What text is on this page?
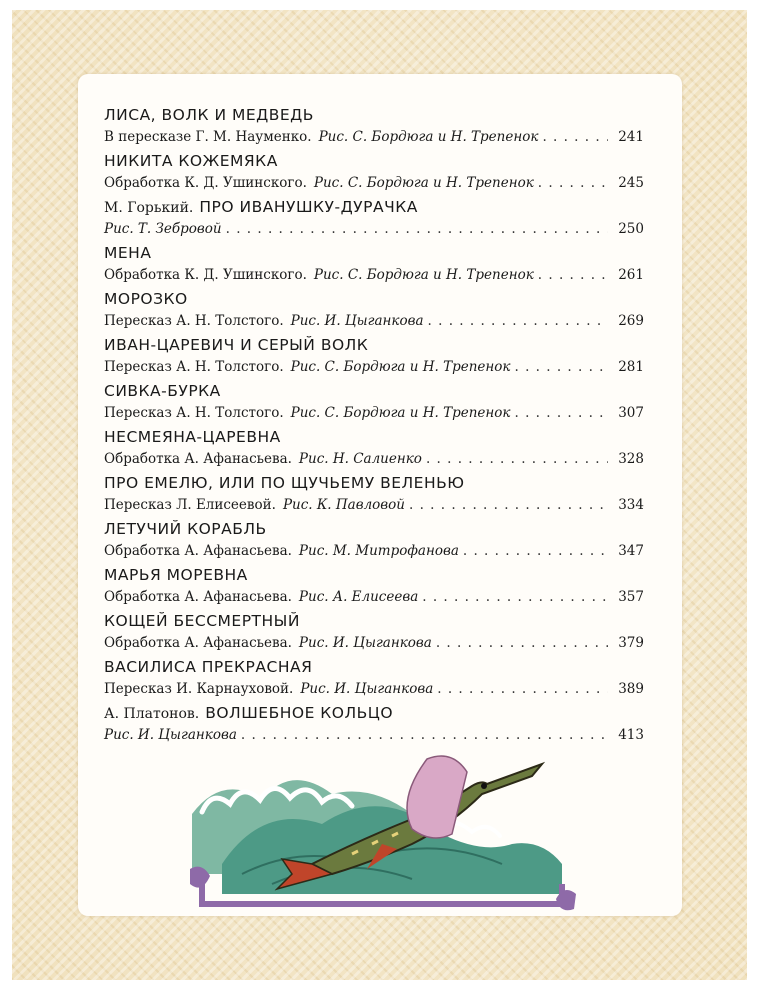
ЛИСА, ВОЛК И МЕДВЕДЬ
В пересказе Г. М. Науменко. Рис. С. Бордюга и Н. Трепенок . . .	241
НИКИТА КОЖЕМЯКА
Обработка К. Д. Ушинского. Рис. С. Бордюга и Н. Трепенок . . .	245
М. Горький. ПРО ИВАНУШКУ-ДУРАЧКА
Рис. Т. Зебровой . . .	250
МЕНА
Обработка К. Д. Ушинского. Рис. С. Бордюга и Н. Трепенок . . .	261
МОРОЗКО
Пересказ А. Н. Толстого. Рис. И. Цыганкова . . .	269
ИВАН-ЦАРЕВИЧ И СЕРЫЙ ВОЛК
Пересказ А. Н. Толстого. Рис. С. Бордюга и Н. Трепенок . . .	281
СИВКА-БУРКА
Пересказ А. Н. Толстого. Рис. С. Бордюга и Н. Трепенок . . .	307
НЕСМЕЯНА-ЦАРЕВНА
Обработка А. Афанасьева. Рис. Н. Салиенко . . .	328
ПРО ЕМЕЛЮ, ИЛИ ПО ЩУЧЬЕМУ ВЕЛЕНЬЮ
Пересказ Л. Елисеевой. Рис. К. Павловой . . .	334
ЛЕТУЧИЙ КОРАБЛЬ
Обработка А. Афанасьева. Рис. М. Митрофанова . . .	347
МАРЬЯ МОРЕВНА
Обработка А. Афанасьева. Рис. А. Елисеева . . .	357
КОЩЕЙ БЕССМЕРТНЫЙ
Обработка А. Афанасьева. Рис. И. Цыганкова . . .	379
ВАСИЛИСА ПРЕКРАСНАЯ
Пересказ И. Карнауховой. Рис. И. Цыганкова . . .	389
А. Платонов. ВОЛШЕБНОЕ КОЛЬЦО
Рис. И. Цыганкова . . .	413
